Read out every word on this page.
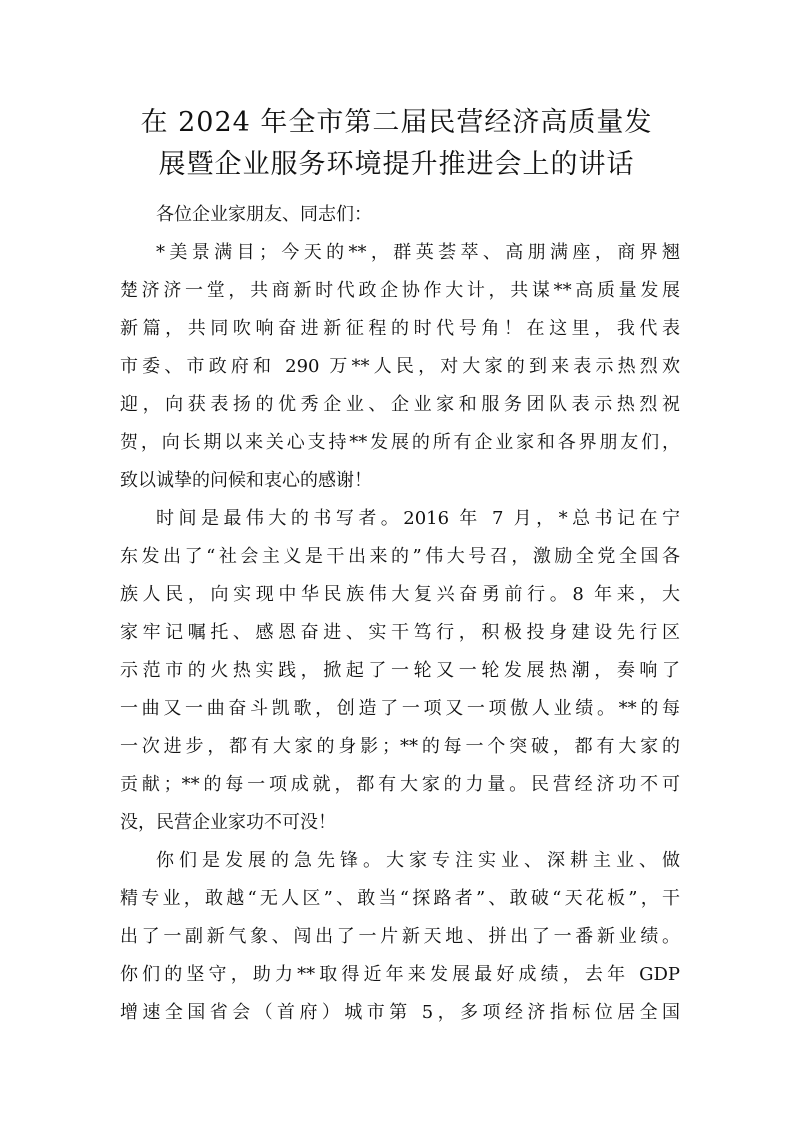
在 2024 年全市第二届民营经济高质量发
展暨企业服务环境提升推进会上的讲话
各位企业家朋友、同志们：
*美景满目；今天的**，群英荟萃、高朋满座，商界翘
楚济济一堂，共商新时代政企协作大计，共谋**高质量发展
新篇，共同吹响奋进新征程的时代号角！在这里，我代表
市委、市政府和 290 万**人民，对大家的到来表示热烈欢
迎，向获表扬的优秀企业、企业家和服务团队表示热烈祝
贺，向长期以来关心支持**发展的所有企业家和各界朋友们，
致以诚挚的问候和衷心的感谢！
时间是最伟大的书写者。2016 年 7 月，*总书记在宁
东发出了“社会主义是干出来的”伟大号召，激励全党全国各
族人民，向实现中华民族伟大复兴奋勇前行。8 年来，大
家牢记嘱托、感恩奋进、实干笃行，积极投身建设先行区
示范市的火热实践，掀起了一轮又一轮发展热潮，奏响了
一曲又一曲奋斗凯歌，创造了一项又一项傲人业绩。**的每
一次进步，都有大家的身影；**的每一个突破，都有大家的
贡献；**的每一项成就，都有大家的力量。民营经济功不可
没，民营企业家功不可没！
你们是发展的急先锋。大家专注实业、深耕主业、做
精专业，敢越“无人区”、敢当“探路者”、敢破“天花板”，干
出了一副新气象、闯出了一片新天地、拼出了一番新业绩。
你们的坚守，助力**取得近年来发展最好成绩，去年 GDP
增速全国省会（首府）城市第 5，多项经济指标位居全国
